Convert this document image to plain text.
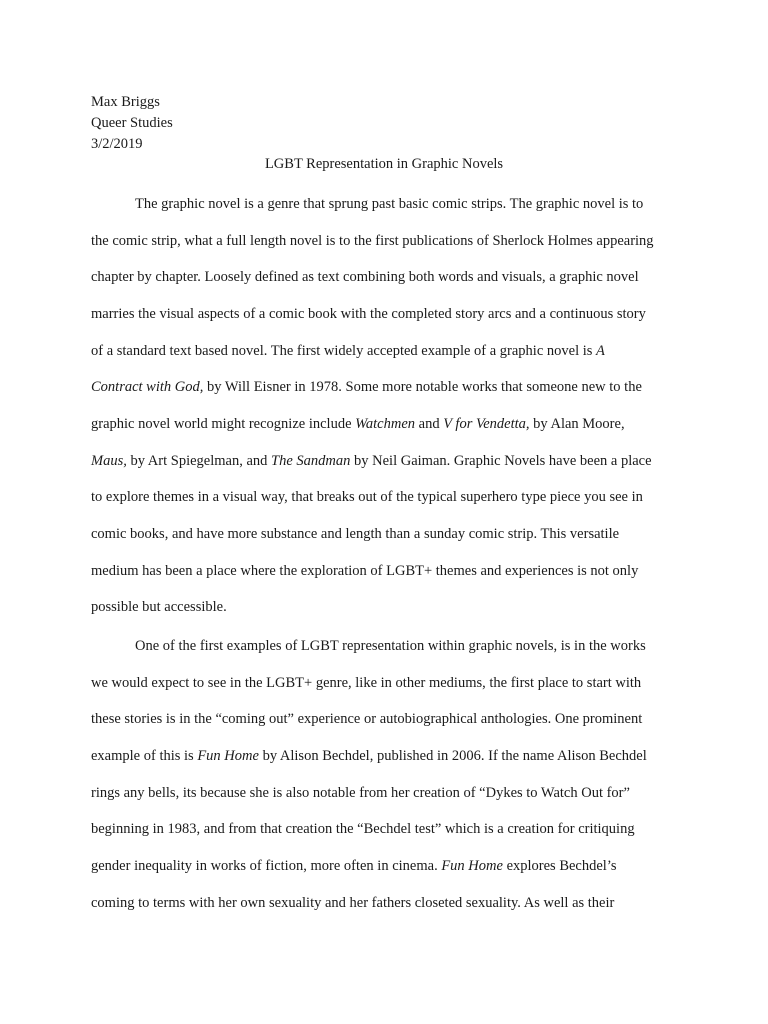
Max Briggs
Queer Studies
3/2/2019
LGBT Representation in Graphic Novels
The graphic novel is a genre that sprung past basic comic strips. The graphic novel is to
the comic strip, what a full length novel is to the first publications of Sherlock Holmes appearing
chapter by chapter. Loosely defined as text combining both words and visuals, a graphic novel
marries the visual aspects of a comic book with the completed story arcs and a continuous story
of a standard text based novel. The first widely accepted example of a graphic novel is A
Contract with God, by Will Eisner in 1978. Some more notable works that someone new to the
graphic novel world might recognize include Watchmen and V for Vendetta, by Alan Moore,
Maus, by Art Spiegelman, and The Sandman by Neil Gaiman. Graphic Novels have been a place
to explore themes in a visual way, that breaks out of the typical superhero type piece you see in
comic books, and have more substance and length than a sunday comic strip. This versatile
medium has been a place where the exploration of LGBT+ themes and experiences is not only
possible but accessible.
One of the first examples of LGBT representation within graphic novels, is in the works
we would expect to see in the LGBT+ genre, like in other mediums, the first place to start with
these stories is in the “coming out” experience or autobiographical anthologies. One prominent
example of this is Fun Home by Alison Bechdel, published in 2006. If the name Alison Bechdel
rings any bells, its because she is also notable from her creation of “Dykes to Watch Out for”
beginning in 1983, and from that creation the “Bechdel test” which is a creation for critiquing
gender inequality in works of fiction, more often in cinema. Fun Home explores Bechdel’s
coming to terms with her own sexuality and her fathers closeted sexuality. As well as their
